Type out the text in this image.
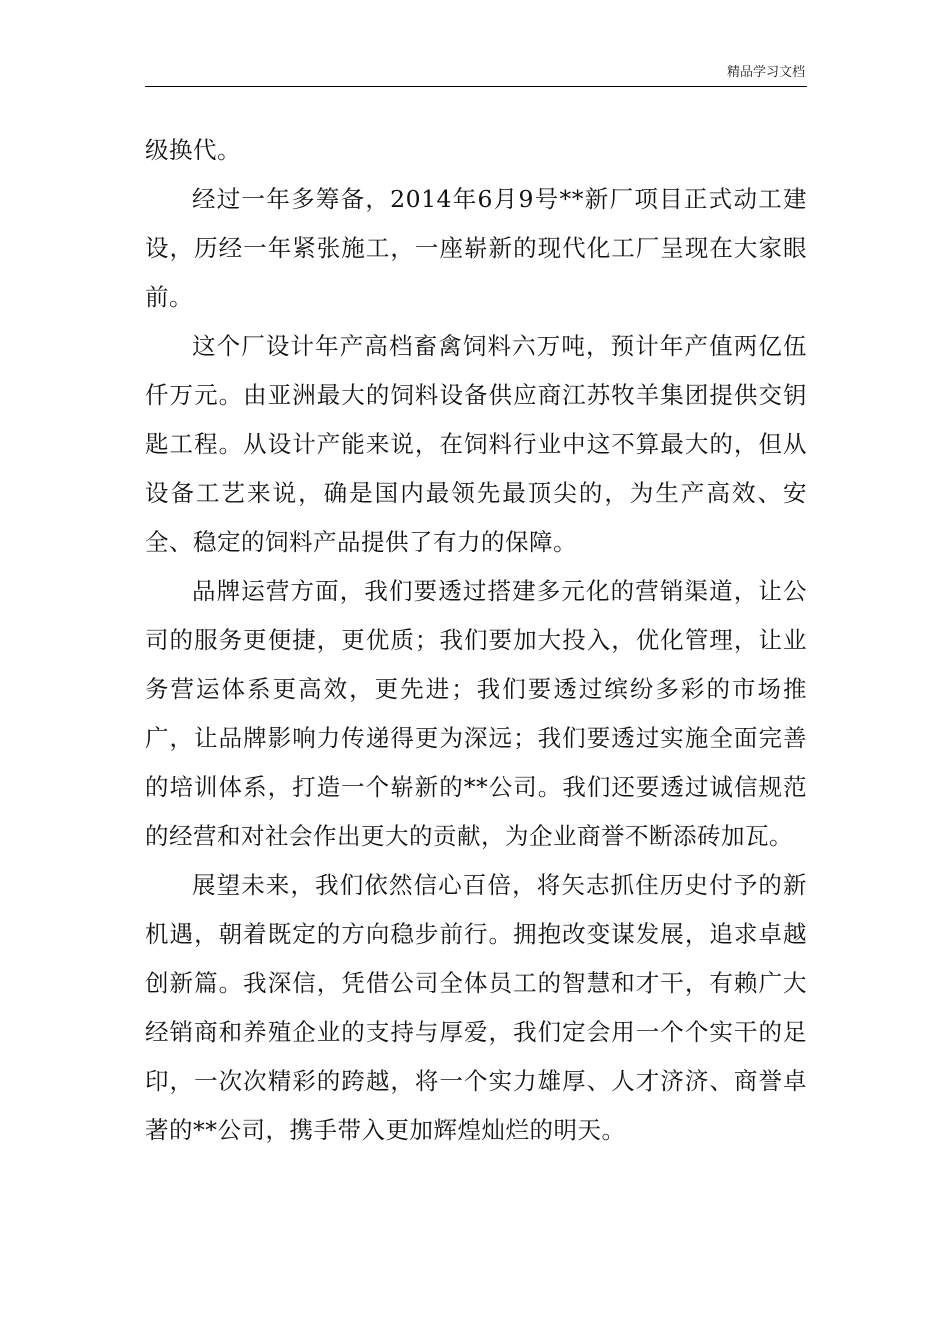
精品学习文档

级换代。

经过一年多筹备，2014年6月9号**新厂项目正式动工建设，历经一年紧张施工，一座崭新的现代化工厂呈现在大家眼前。

这个厂设计年产高档畜禽饲料六万吨，预计年产值两亿伍仟万元。由亚洲最大的饲料设备供应商江苏牧羊集团提供交钥匙工程。从设计产能来说，在饲料行业中这不算最大的，但从设备工艺来说，确是国内最领先最顶尖的，为生产高效、安全、稳定的饲料产品提供了有力的保障。

品牌运营方面，我们要透过搭建多元化的营销渠道，让公司的服务更便捷，更优质；我们要加大投入，优化管理，让业务营运体系更高效，更先进；我们要透过缤纷多彩的市场推广，让品牌影响力传递得更为深远；我们要透过实施全面完善的培训体系，打造一个崭新的**公司。我们还要透过诚信规范的经营和对社会作出更大的贡献，为企业商誉不断添砖加瓦。

展望未来，我们依然信心百倍，将矢志抓住历史付予的新机遇，朝着既定的方向稳步前行。拥抱改变谋发展，追求卓越创新篇。我深信，凭借公司全体员工的智慧和才干，有赖广大经销商和养殖企业的支持与厚爱，我们定会用一个个实干的足印，一次次精彩的跨越，将一个实力雄厚、人才济济、商誉卓著的**公司，携手带入更加辉煌灿烂的明天。
